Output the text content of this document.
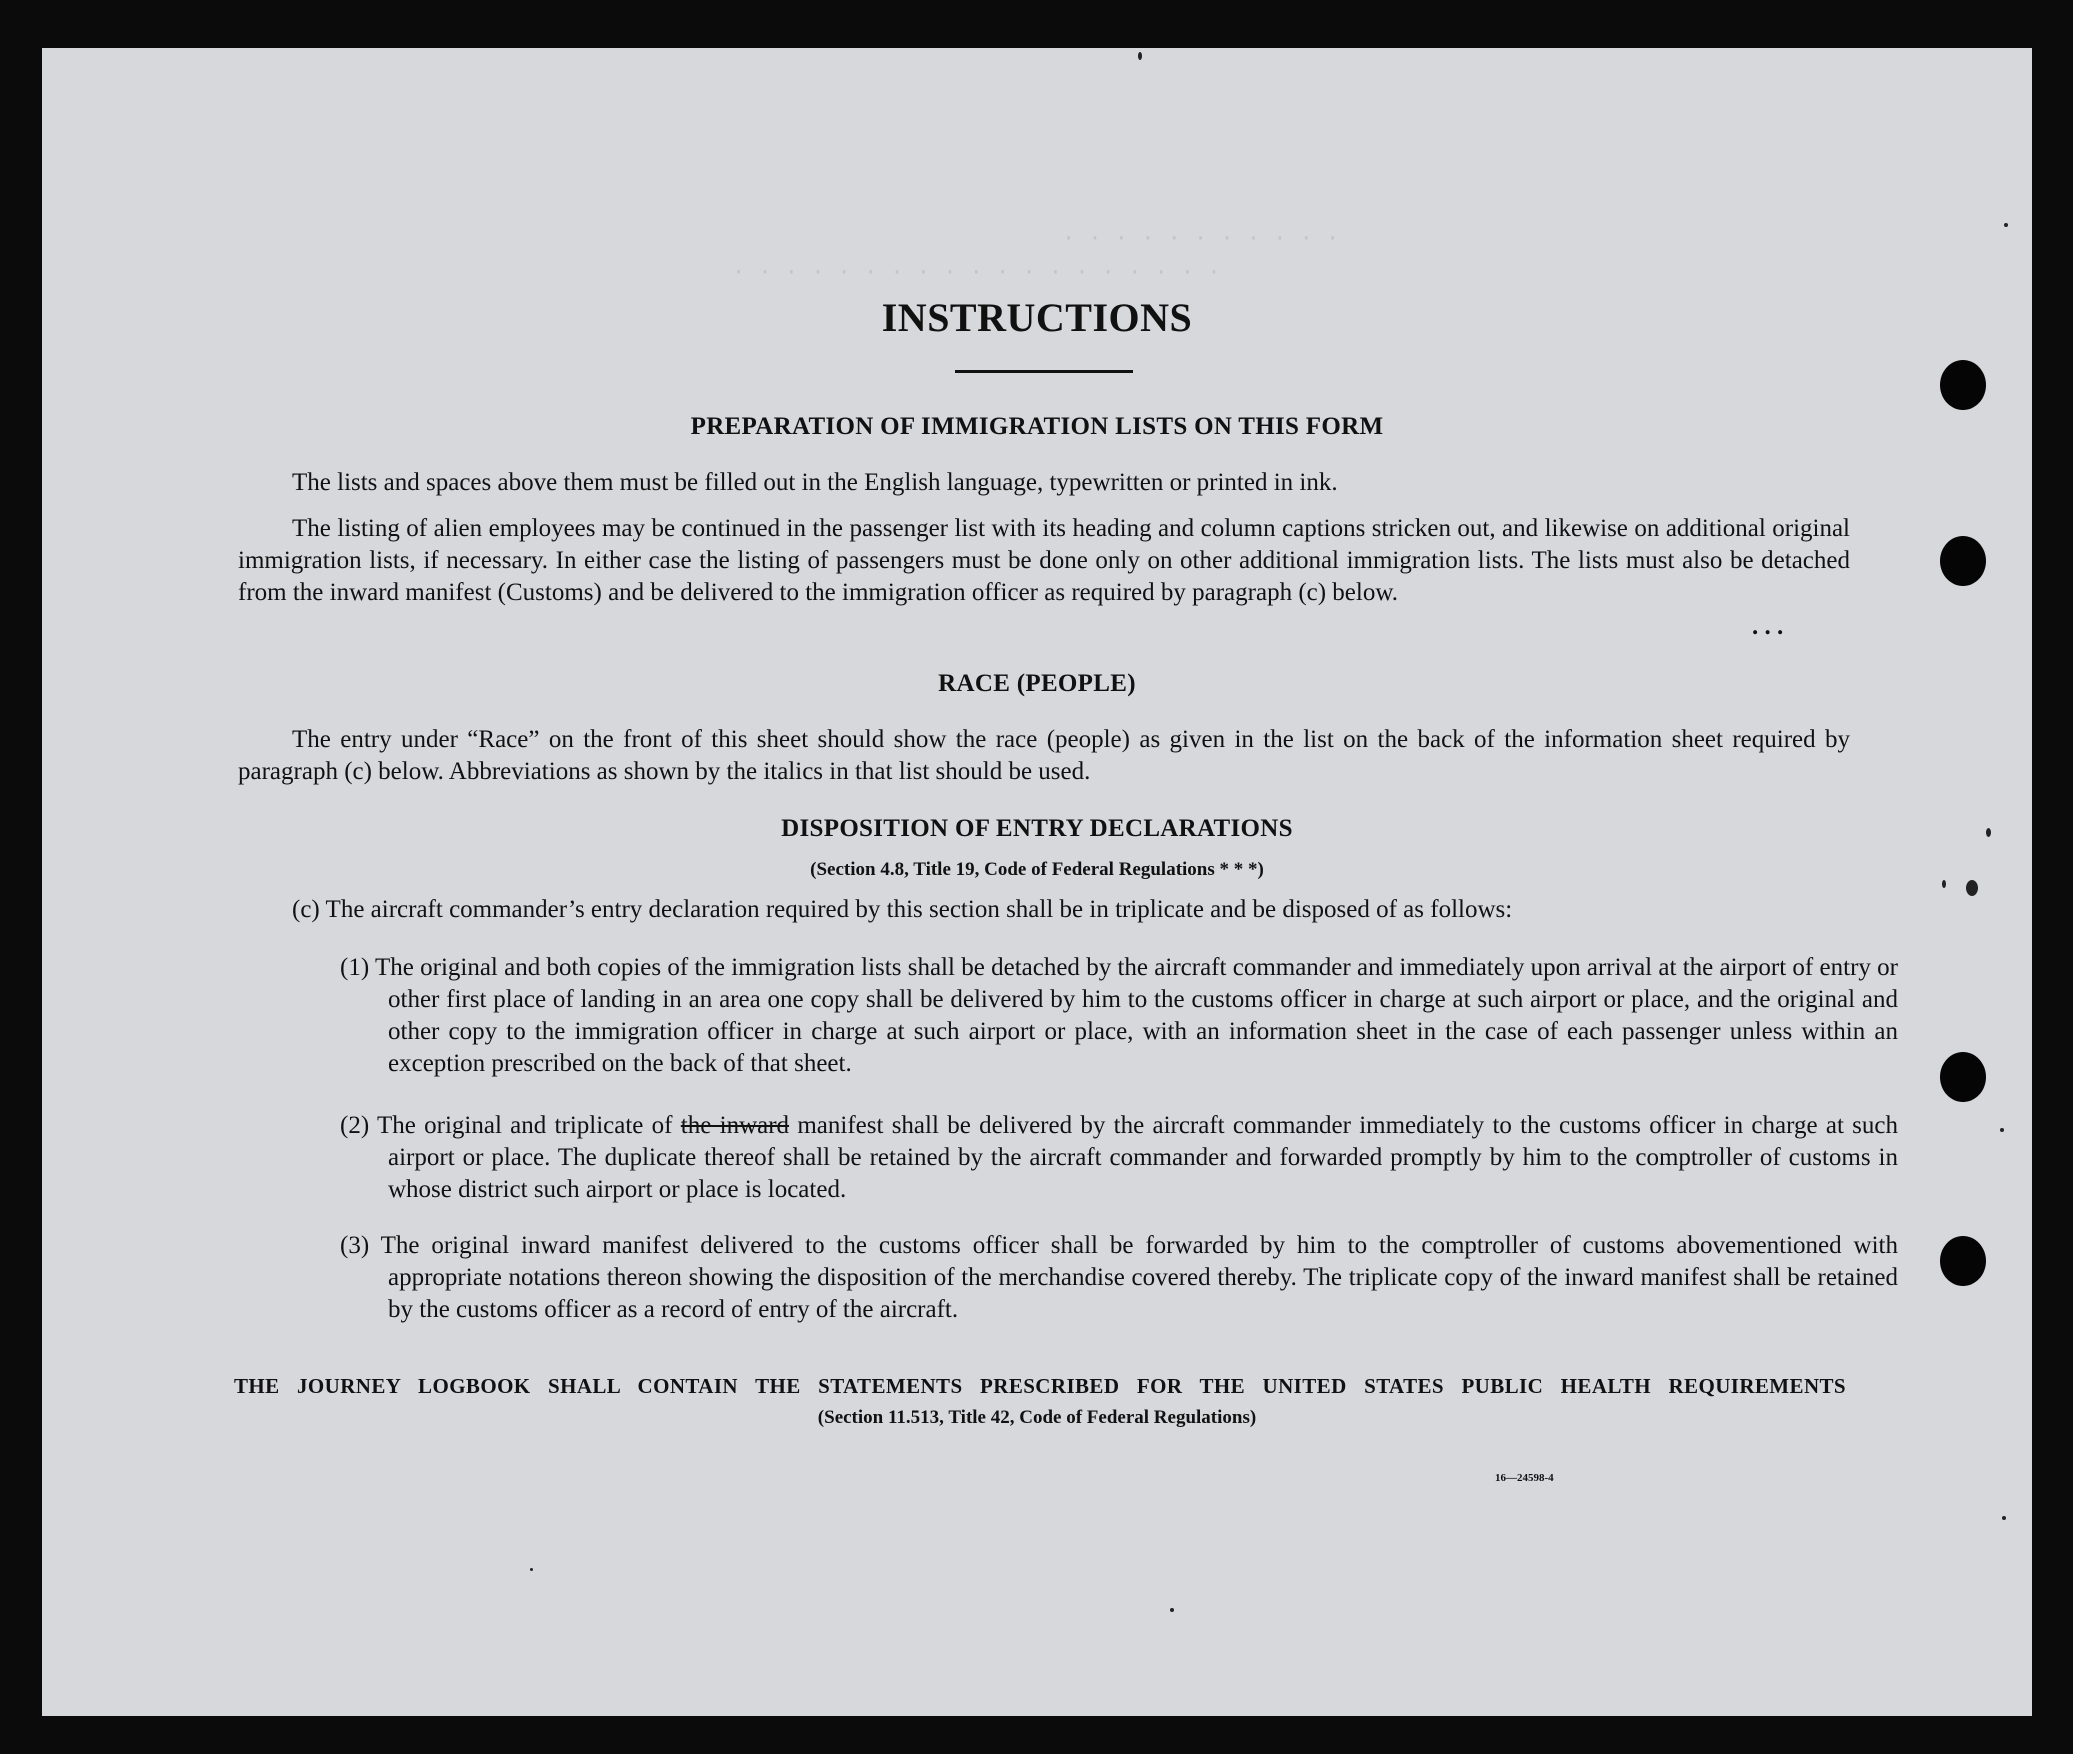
· · · · · · · · · · ·
· · · · · · · · · · · · · · · · · · ·
INSTRUCTIONS
PREPARATION OF IMMIGRATION LISTS ON THIS FORM
The lists and spaces above them must be filled out in the English language, typewritten or printed in ink.
The listing of alien employees may be continued in the passenger list with its heading and column captions stricken out, and likewise on additional original immigration lists, if necessary. In either case the listing of passengers must be done only on other additional immigration lists. The lists must also be detached from the inward manifest (Customs) and be delivered to the immigration officer as required by paragraph (c) below.
. . .
RACE (PEOPLE)
The entry under “Race” on the front of this sheet should show the race (people) as given in the list on the back of the information sheet required by paragraph (c) below. Abbreviations as shown by the italics in that list should be used.
DISPOSITION OF ENTRY DECLARATIONS
(Section 4.8, Title 19, Code of Federal Regulations * * *)
(c) The aircraft commander’s entry declaration required by this section shall be in triplicate and be disposed of as follows:
(1) The original and both copies of the immigration lists shall be detached by the aircraft commander and immediately upon arrival at the airport of entry or other first place of landing in an area one copy shall be delivered by him to the customs officer in charge at such airport or place, and the original and other copy to the immigration officer in charge at such airport or place, with an information sheet in the case of each passenger unless within an exception prescribed on the back of that sheet.
(2) The original and triplicate of the inward manifest shall be delivered by the aircraft commander immediately to the customs officer in charge at such airport or place. The duplicate thereof shall be retained by the aircraft commander and forwarded promptly by him to the comptroller of customs in whose district such airport or place is located.
(3) The original inward manifest delivered to the customs officer shall be forwarded by him to the comptroller of customs abovementioned with appropriate notations thereon showing the disposition of the merchandise covered thereby. The triplicate copy of the inward manifest shall be retained by the customs officer as a record of entry of the aircraft.
THE JOURNEY LOGBOOK SHALL CONTAIN THE STATEMENTS PRESCRIBED FOR THE UNITED STATES PUBLIC HEALTH REQUIREMENTS
(Section 11.513, Title 42, Code of Federal Regulations)
16—24598-4
